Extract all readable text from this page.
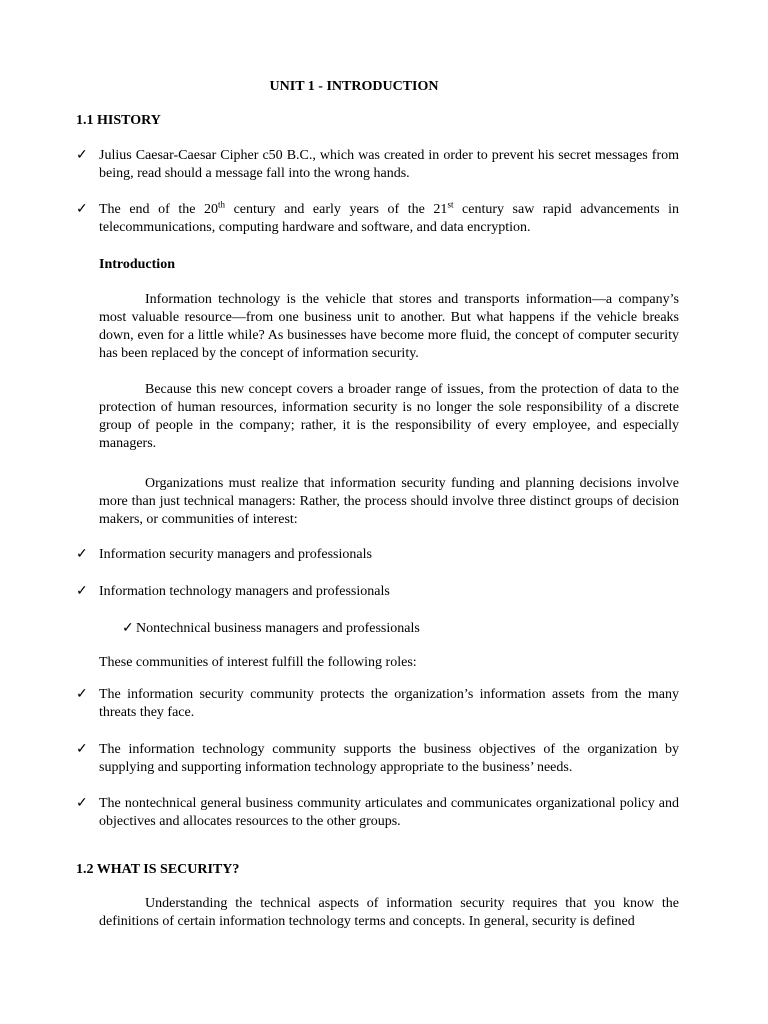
UNIT 1 - INTRODUCTION
1.1 HISTORY
✓ Julius Caesar-Caesar Cipher c50 B.C., which was created in order to prevent his secret messages from being, read should a message fall into the wrong hands.
✓ The end of the 20th century and early years of the 21st century saw rapid advancements in telecommunications, computing hardware and software, and data encryption.
Introduction
Information technology is the vehicle that stores and transports information—a company’s most valuable resource—from one business unit to another. But what happens if the vehicle breaks down, even for a little while? As businesses have become more fluid, the concept of computer security has been replaced by the concept of information security.
Because this new concept covers a broader range of issues, from the protection of data to the protection of human resources, information security is no longer the sole responsibility of a discrete group of people in the company; rather, it is the responsibility of every employee, and especially managers.
Organizations must realize that information security funding and planning decisions involve more than just technical managers: Rather, the process should involve three distinct groups of decision makers, or communities of interest:
✓ Information security managers and professionals
✓ Information technology managers and professionals
✓ Nontechnical business managers and professionals
These communities of interest fulfill the following roles:
✓ The information security community protects the organization’s information assets from the many threats they face.
✓ The information technology community supports the business objectives of the organization by supplying and supporting information technology appropriate to the business’ needs.
✓ The nontechnical general business community articulates and communicates organizational policy and objectives and allocates resources to the other groups.
1.2 WHAT IS SECURITY?
Understanding the technical aspects of information security requires that you know the definitions of certain information technology terms and concepts. In general, security is defined
